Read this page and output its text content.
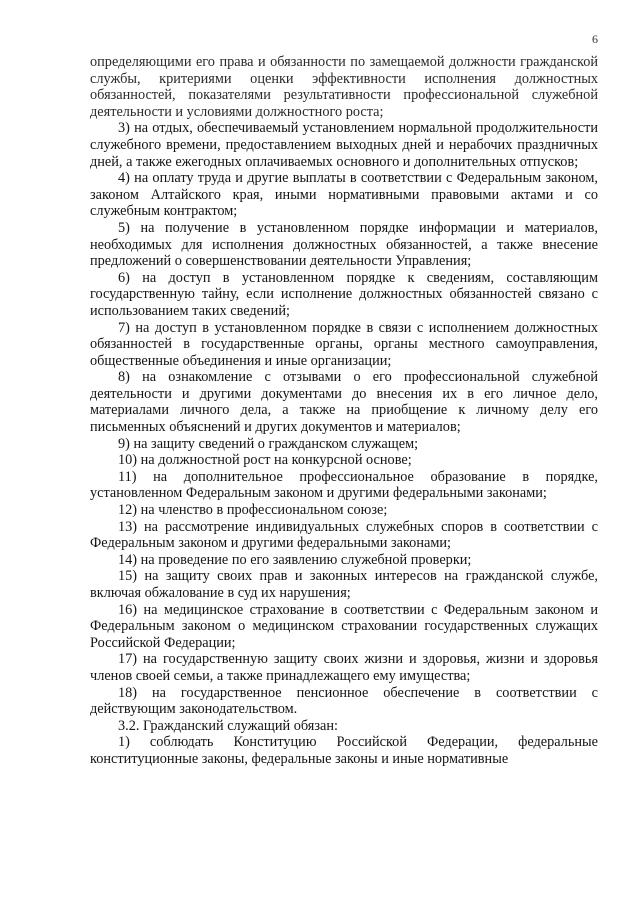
6

определяющими его права и обязанности по замещаемой должности гражданской службы, критериями оценки эффективности исполнения должностных обязанностей, показателями результативности профессиональной служебной деятельности и условиями должностного роста;

3) на отдых, обеспечиваемый установлением нормальной продолжительности служебного времени, предоставлением выходных дней и нерабочих праздничных дней, а также ежегодных оплачиваемых основного и дополнительных отпусков;

4) на оплату труда и другие выплаты в соответствии с Федеральным законом, законом Алтайского края, иными нормативными правовыми актами и со служебным контрактом;

5) на получение в установленном порядке информации и материалов, необходимых для исполнения должностных обязанностей, а также внесение предложений о совершенствовании деятельности Управления;

6) на доступ в установленном порядке к сведениям, составляющим государственную тайну, если исполнение должностных обязанностей связано с использованием таких сведений;

7) на доступ в установленном порядке в связи с исполнением должностных обязанностей в государственные органы, органы местного самоуправления, общественные объединения и иные организации;

8) на ознакомление с отзывами о его профессиональной служебной деятельности и другими документами до внесения их в его личное дело, материалами личного дела, а также на приобщение к личному делу его письменных объяснений и других документов и материалов;

9) на защиту сведений о гражданском служащем;

10) на должностной рост на конкурсной основе;

11) на дополнительное профессиональное образование в порядке, установленном Федеральным законом и другими федеральными законами;

12) на членство в профессиональном союзе;

13) на рассмотрение индивидуальных служебных споров в соответствии с Федеральным законом и другими федеральными законами;

14) на проведение по его заявлению служебной проверки;

15) на защиту своих прав и законных интересов на гражданской службе, включая обжалование в суд их нарушения;

16) на медицинское страхование в соответствии с Федеральным законом и Федеральным законом о медицинском страховании государственных служащих Российской Федерации;

17) на государственную защиту своих жизни и здоровья, жизни и здоровья членов своей семьи, а также принадлежащего ему имущества;

18) на государственное пенсионное обеспечение в соответствии с действующим законодательством.

3.2. Гражданский служащий обязан:

1) соблюдать Конституцию Российской Федерации, федеральные конституционные законы, федеральные законы и иные нормативные
